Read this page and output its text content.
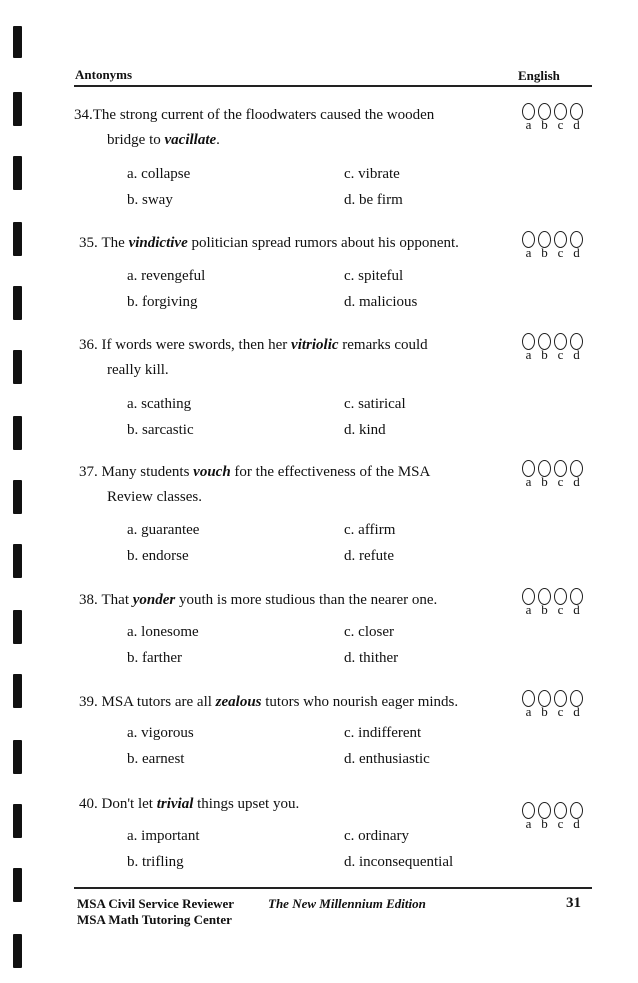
Antonyms	English
34.The strong current of the floodwaters caused the wooden
bridge to vacillate.
a b c d
a. collapse
b. sway
c. vibrate
d. be firm
35. The vindictive politician spread rumors about his opponent.
a b c d
a. revengeful
b. forgiving
c. spiteful
d. malicious
36. If words were swords, then her vitriolic remarks could
really kill.
a b c d
a. scathing
b. sarcastic
c. satirical
d. kind
37. Many students vouch for the effectiveness of the MSA
Review classes.
a b c d
a. guarantee
b. endorse
c. affirm
d. refute
38. That yonder youth is more studious than the nearer one.
a b c d
a. lonesome
b. farther
c. closer
d. thither
39. MSA tutors are all zealous tutors who nourish eager minds.
a b c d
a. vigorous
b. earnest
c. indifferent
d. enthusiastic
40. Don't let trivial things upset you.
a b c d
a. important
b. trifling
c. ordinary
d. inconsequential
MSA Civil Service Reviewer	The New Millennium Edition
MSA Math Tutoring Center
31
